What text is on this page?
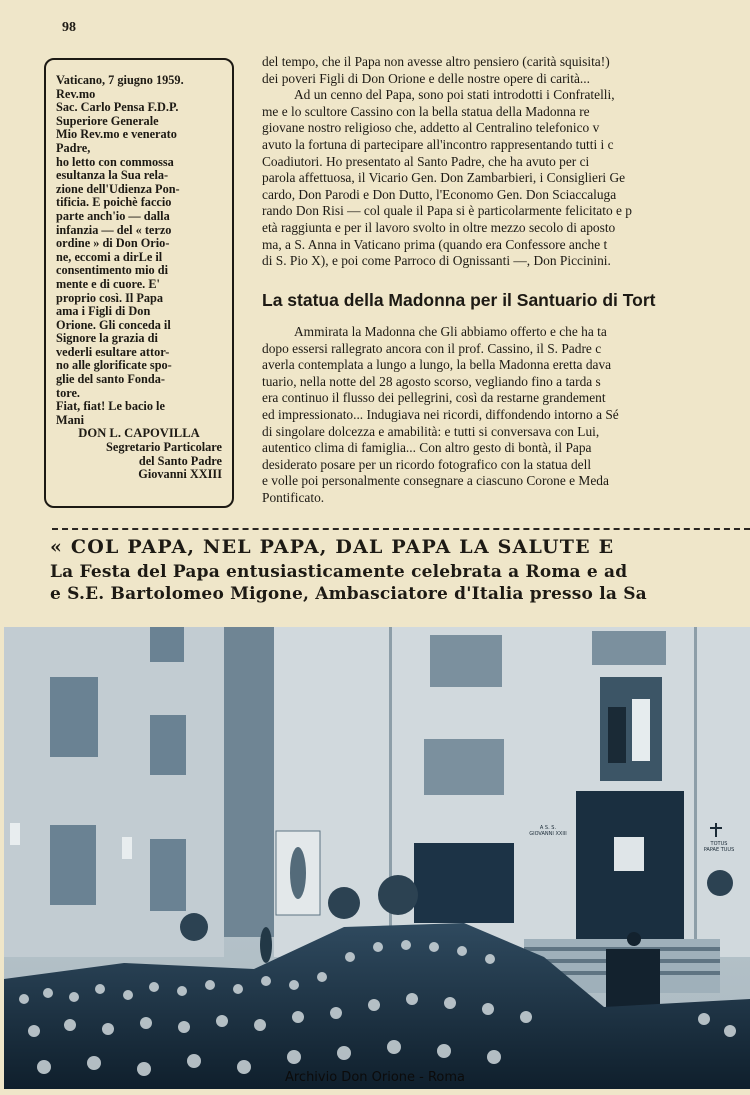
98
Vaticano, 7 giugno 1959.
Rev.mo
Sac. Carlo Pensa F.D.P.
Superiore Generale
Mio Rev.mo e venerato
Padre,
ho letto con commossa
esultanza la Sua rela-
zione dell'Udienza Pon-
tificia. E poichè faccio
parte anch'io — dalla
infanzia — del « terzo
ordine » di Don Orio-
ne, eccomi a dirLe il
consentimento mio di
mente e di cuore. E'
proprio così. Il Papa
ama i Figli di Don
Orione. Gli conceda il
Signore la grazia di
vederli esultare attor-
no alle glorificate spo-
glie del santo Fonda-
tore.
Fiat, fiat! Le bacio le
Mani
DON L. CAPOVILLA
Segretario Particolare
del Santo Padre
Giovanni XXIII
del tempo, che il Papa non avesse altro pensiero (carità squisita!)
dei poveri Figli di Don Orione e delle nostre opere di carità...
Ad un cenno del Papa, sono poi stati introdotti i Confratelli,
me e lo scultore Cassino con la bella statua della Madonna re
giovane nostro religioso che, addetto al Centralino telefonico v
avuto la fortuna di partecipare all'incontro rappresentando tutti i c
Coadiutori. Ho presentato al Santo Padre, che ha avuto per ci
parola affettuosa, il Vicario Gen. Don Zambarbieri, i Consiglieri Ge
cardo, Don Parodi e Don Dutto, l'Economo Gen. Don Sciaccaluga
rando Don Risi — col quale il Papa si è particolarmente felicitato e p
età raggiunta e per il lavoro svolto in oltre mezzo secolo di aposto
ma, a S. Anna in Vaticano prima (quando era Confessore anche t
di S. Pio X), e poi come Parroco di Ognissanti —, Don Piccinini.
La statua della Madonna per il Santuario di Tort
Ammirata la Madonna che Gli abbiamo offerto e che ha ta
dopo essersi rallegrato ancora con il prof. Cassino, il S. Padre c
averla contemplata a lungo a lungo, la bella Madonna eretta dava
tuario, nella notte del 28 agosto scorso, vegliando fino a tarda s
era continuo il flusso dei pellegrini, così da restarne grandement
ed impressionato... Indugiava nei ricordi, diffondendo intorno a Sé
di singolare dolcezza e amabilità: e tutti si conversava con Lui,
autentico clima di famiglia... Con altro gesto di bontà, il Papa
desiderato posare per un ricordo fotografico con la statua dell
e volle poi personalmente consegnare a ciascuno Corone e Meda
Pontificato.
« COL PAPA, NEL PAPA, DAL PAPA LA SALUTE E
La Festa del Papa entusiasticamente celebrata a Roma e ad
e S.E. Bartolomeo Migone, Ambasciatore d'Italia presso la Sa
A S. S.
GIOVANNI XXIII
TOTUS
PAPAE TUUS
Archivio Don Orione - Roma
